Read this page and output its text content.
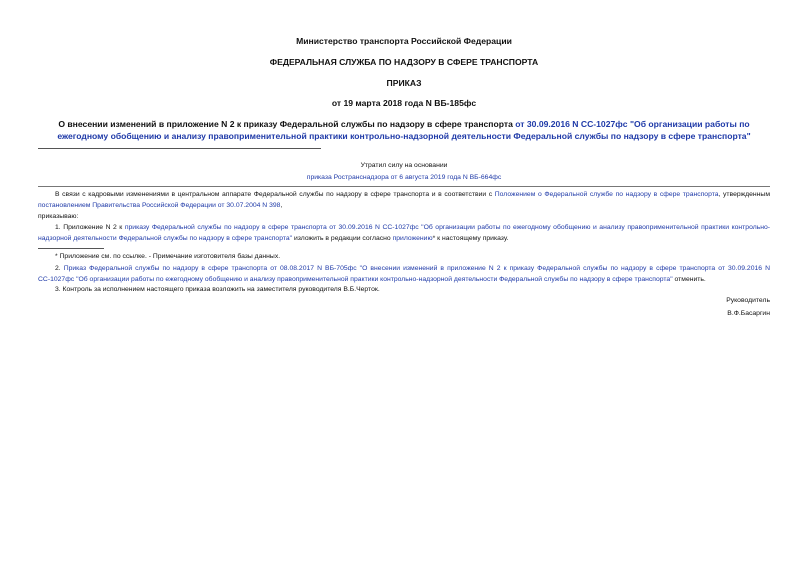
Министерство транспорта Российской Федерации
ФЕДЕРАЛЬНАЯ СЛУЖБА ПО НАДЗОРУ В СФЕРЕ ТРАНСПОРТА
ПРИКАЗ
от 19 марта 2018 года N ВБ-185фс
О внесении изменений в приложение N 2 к приказу Федеральной службы по надзору в сфере транспорта от 30.09.2016 N СС-1027фс "Об организации работы по ежегодному обобщению и анализу правоприменительной практики контрольно-надзорной деятельности Федеральной службы по надзору в сфере транспорта"
Утратил силу на основании
приказа Ространснадзора от 6 августа 2019 года N ВБ-664фс
В связи с кадровыми изменениями в центральном аппарате Федеральной службы по надзору в сфере транспорта и в соответствии с Положением о Федеральной службе по надзору в сфере транспорта, утвержденным постановлением Правительства Российской Федерации от 30.07.2004 N 398,
приказываю:
1. Приложение N 2 к приказу Федеральной службы по надзору в сфере транспорта от 30.09.2016 N СС-1027фс "Об организации работы по ежегодному обобщению и анализу правоприменительной практики контрольно-надзорной деятельности Федеральной службы по надзору в сфере транспорта" изложить в редакции согласно приложению* к настоящему приказу.
* Приложение см. по ссылке. - Примечание изготовителя базы данных.
2. Приказ Федеральной службы по надзору в сфере транспорта от 08.08.2017 N ВБ-705фс "О внесении изменений в приложение N 2 к приказу Федеральной службы по надзору в сфере транспорта от 30.09.2016 N СС-1027фс "Об организации работы по ежегодному обобщению и анализу правоприменительной практики контрольно-надзорной деятельности Федеральной службы по надзору в сфере транспорта" отменить.
3. Контроль за исполнением настоящего приказа возложить на заместителя руководителя В.Б.Черток.
Руководитель
В.Ф.Басаргин
